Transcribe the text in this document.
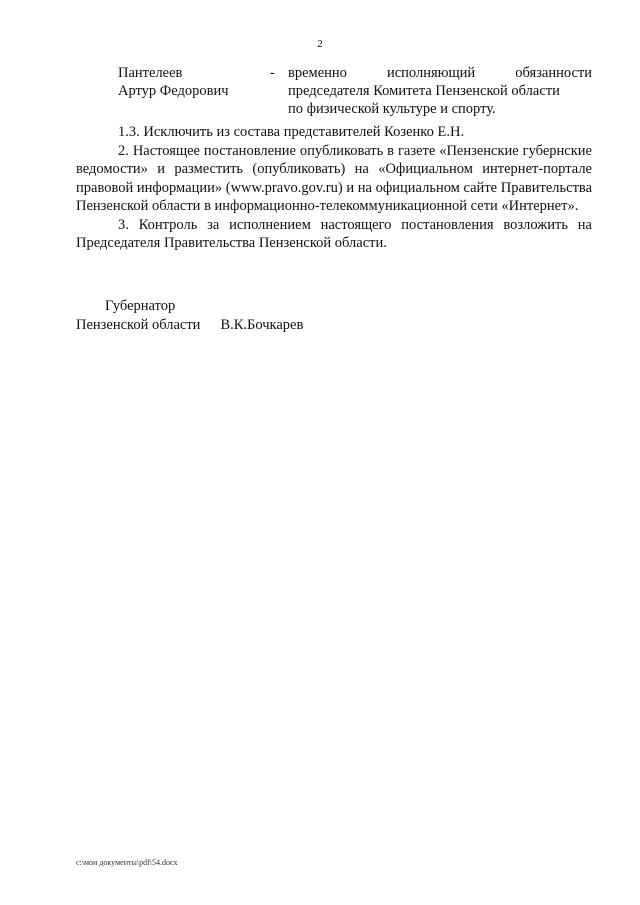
2
Пантелеев
Артур Федорович
- временно	исполняющий	обязанности
председателя Комитета Пензенской области
по физической культуре и спорту.

1.3. Исключить из состава представителей Козенко Е.Н.

2. Настоящее постановление опубликовать в газете «Пензенские губернские ведомости» и разместить (опубликовать) на «Официальном интернет-портале правовой информации» (www.pravo.gov.ru) и на официальном сайте Правительства Пензенской области в информационно-телекоммуникационной сети «Интернет».

3. Контроль за исполнением настоящего постановления возложить на Председателя Правительства Пензенской области.

Губернатор
Пензенской области В.К.Бочкарев
c:\мои документы\pdf\54.docx
